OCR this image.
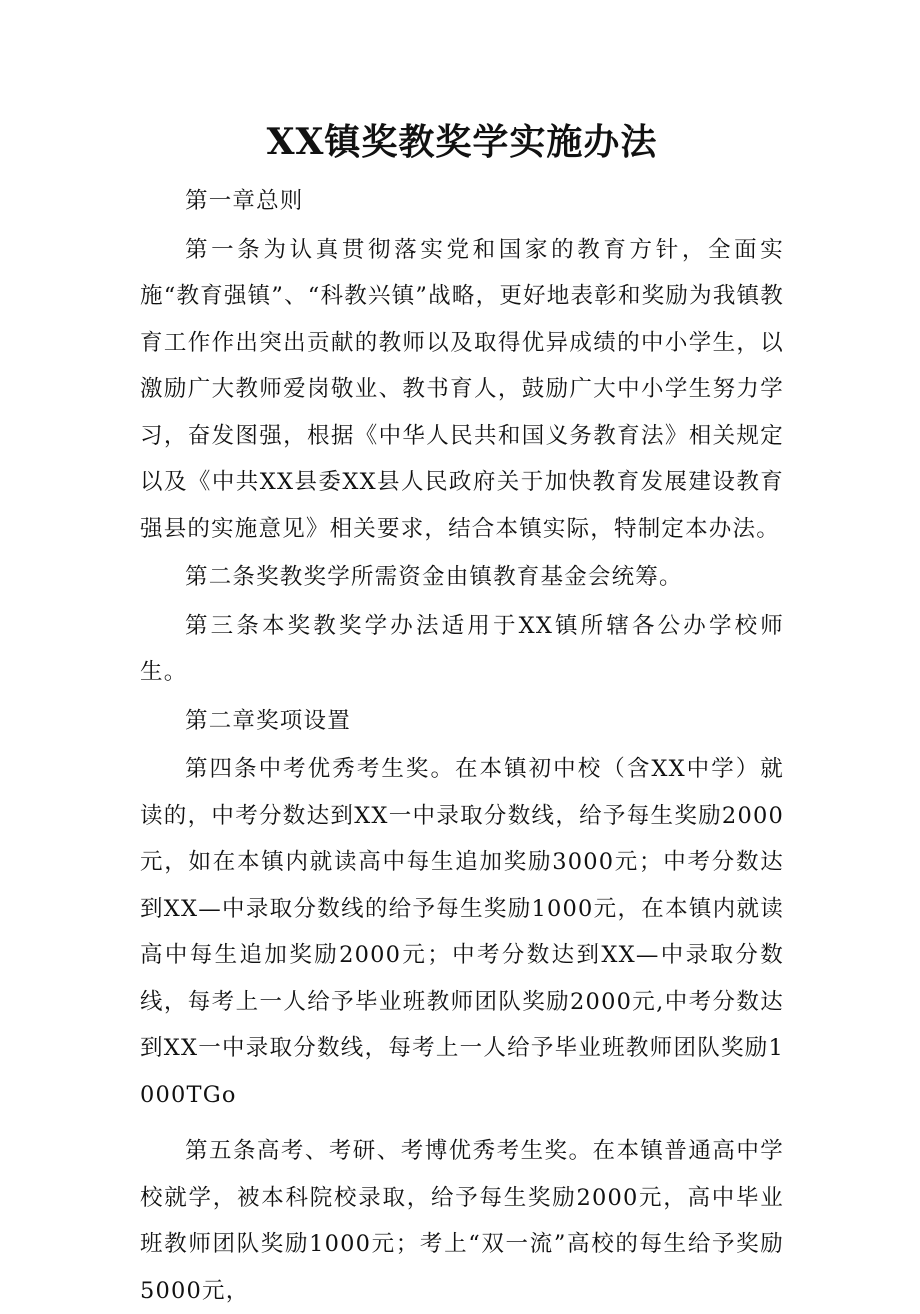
XX镇奖教奖学实施办法

第一章总则

第一条为认真贯彻落实党和国家的教育方针，全面实施“教育强镇”、“科教兴镇”战略，更好地表彰和奖励为我镇教育工作作出突出贡献的教师以及取得优异成绩的中小学生，以激励广大教师爱岗敬业、教书育人，鼓励广大中小学生努力学习，奋发图强，根据《中华人民共和国义务教育法》相关规定以及《中共XX县委XX县人民政府关于加快教育发展建设教育强县的实施意见》相关要求，结合本镇实际，特制定本办法。

第二条奖教奖学所需资金由镇教育基金会统筹。

第三条本奖教奖学办法适用于XX镇所辖各公办学校师生。

第二章奖项设置

第四条中考优秀考生奖。在本镇初中校（含XX中学）就读的，中考分数达到XX一中录取分数线，给予每生奖励2000元，如在本镇内就读高中每生追加奖励3000元；中考分数达到XX—中录取分数线的给予每生奖励1000元，在本镇内就读高中每生追加奖励2000元；中考分数达到XX—中录取分数线，每考上一人给予毕业班教师团队奖励2000元,中考分数达到XX一中录取分数线，每考上一人给予毕业班教师团队奖励1000TGo

第五条高考、考研、考博优秀考生奖。在本镇普通高中学校就学，被本科院校录取，给予每生奖励2000元，高中毕业班教师团队奖励1000元；考上“双一流”高校的每生给予奖励5000元，
